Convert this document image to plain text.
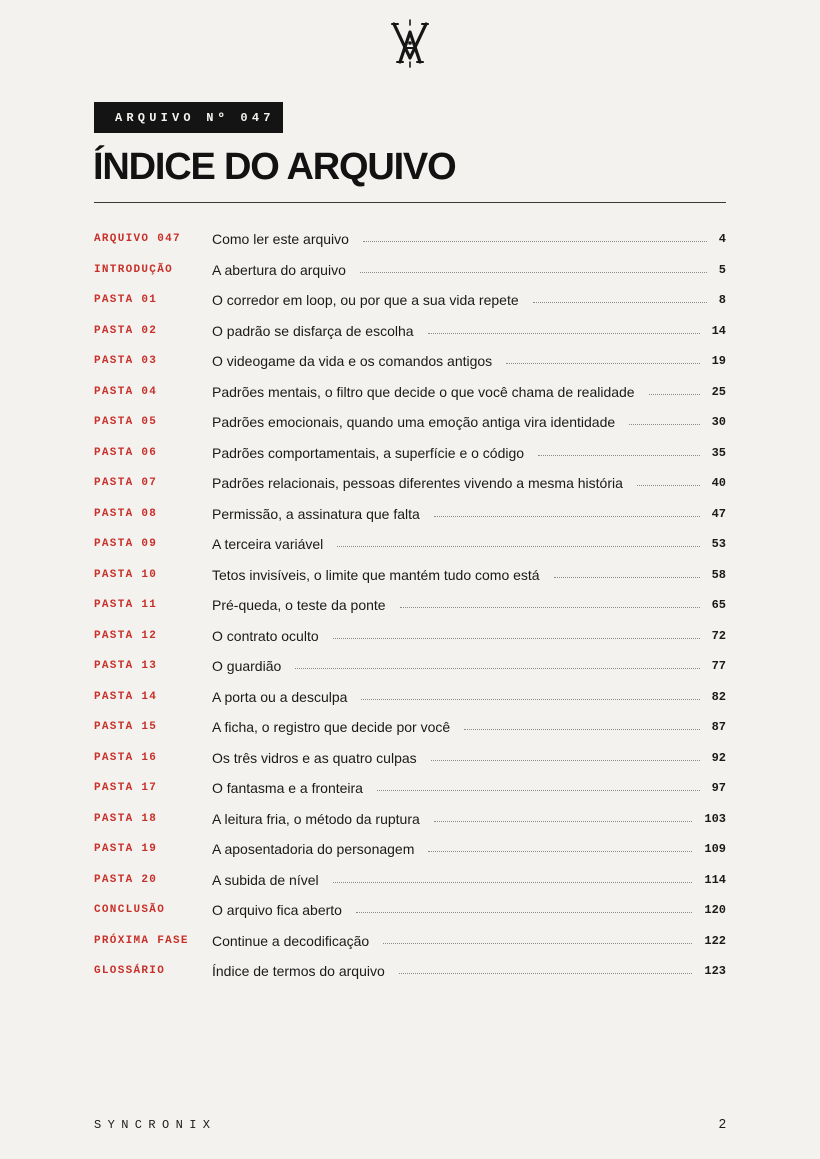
ARQUIVO Nº 047
ÍNDICE DO ARQUIVO
ARQUIVO 047	Como ler este arquivo	4
INTRODUÇÃO	A abertura do arquivo	5
PASTA 01	O corredor em loop, ou por que a sua vida repete	8
PASTA 02	O padrão se disfarça de escolha	14
PASTA 03	O videogame da vida e os comandos antigos	19
PASTA 04	Padrões mentais, o filtro que decide o que você chama de realidade	25
PASTA 05	Padrões emocionais, quando uma emoção antiga vira identidade	30
PASTA 06	Padrões comportamentais, a superfície e o código	35
PASTA 07	Padrões relacionais, pessoas diferentes vivendo a mesma história	40
PASTA 08	Permissão, a assinatura que falta	47
PASTA 09	A terceira variável	53
PASTA 10	Tetos invisíveis, o limite que mantém tudo como está	58
PASTA 11	Pré-queda, o teste da ponte	65
PASTA 12	O contrato oculto	72
PASTA 13	O guardião	77
PASTA 14	A porta ou a desculpa	82
PASTA 15	A ficha, o registro que decide por você	87
PASTA 16	Os três vidros e as quatro culpas	92
PASTA 17	O fantasma e a fronteira	97
PASTA 18	A leitura fria, o método da ruptura	103
PASTA 19	A aposentadoria do personagem	109
PASTA 20	A subida de nível	114
CONCLUSÃO	O arquivo fica aberto	120
PRÓXIMA FASE	Continue a decodificação	122
GLOSSÁRIO	Índice de termos do arquivo	123
SYNCRONIX	2
